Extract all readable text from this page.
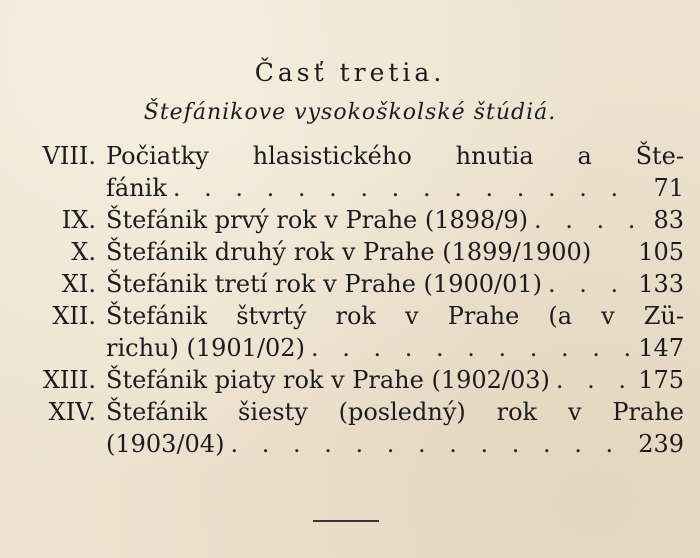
Časť tretia.
Štefánikove vysokoškolské štúdiá.
VIII. Počiatky hlasistického hnutia a Šte-
fánik . . .	71
IX. Štefánik prvý rok v Prahe (1898/9) . . .	83
X. Štefánik druhý rok v Prahe (1899/1900) 105
XI. Štefánik tretí rok v Prahe (1900/01) . . .	133
XII. Štefánik štvrtý rok v Prahe (a v Zü-
richu) (1901/02) . . .	147
XIII. Štefánik piaty rok v Prahe (1902/03) . . .	175
XIV. Štefánik šiesty (posledný) rok v Prahe
(1903/04) . . .	239
